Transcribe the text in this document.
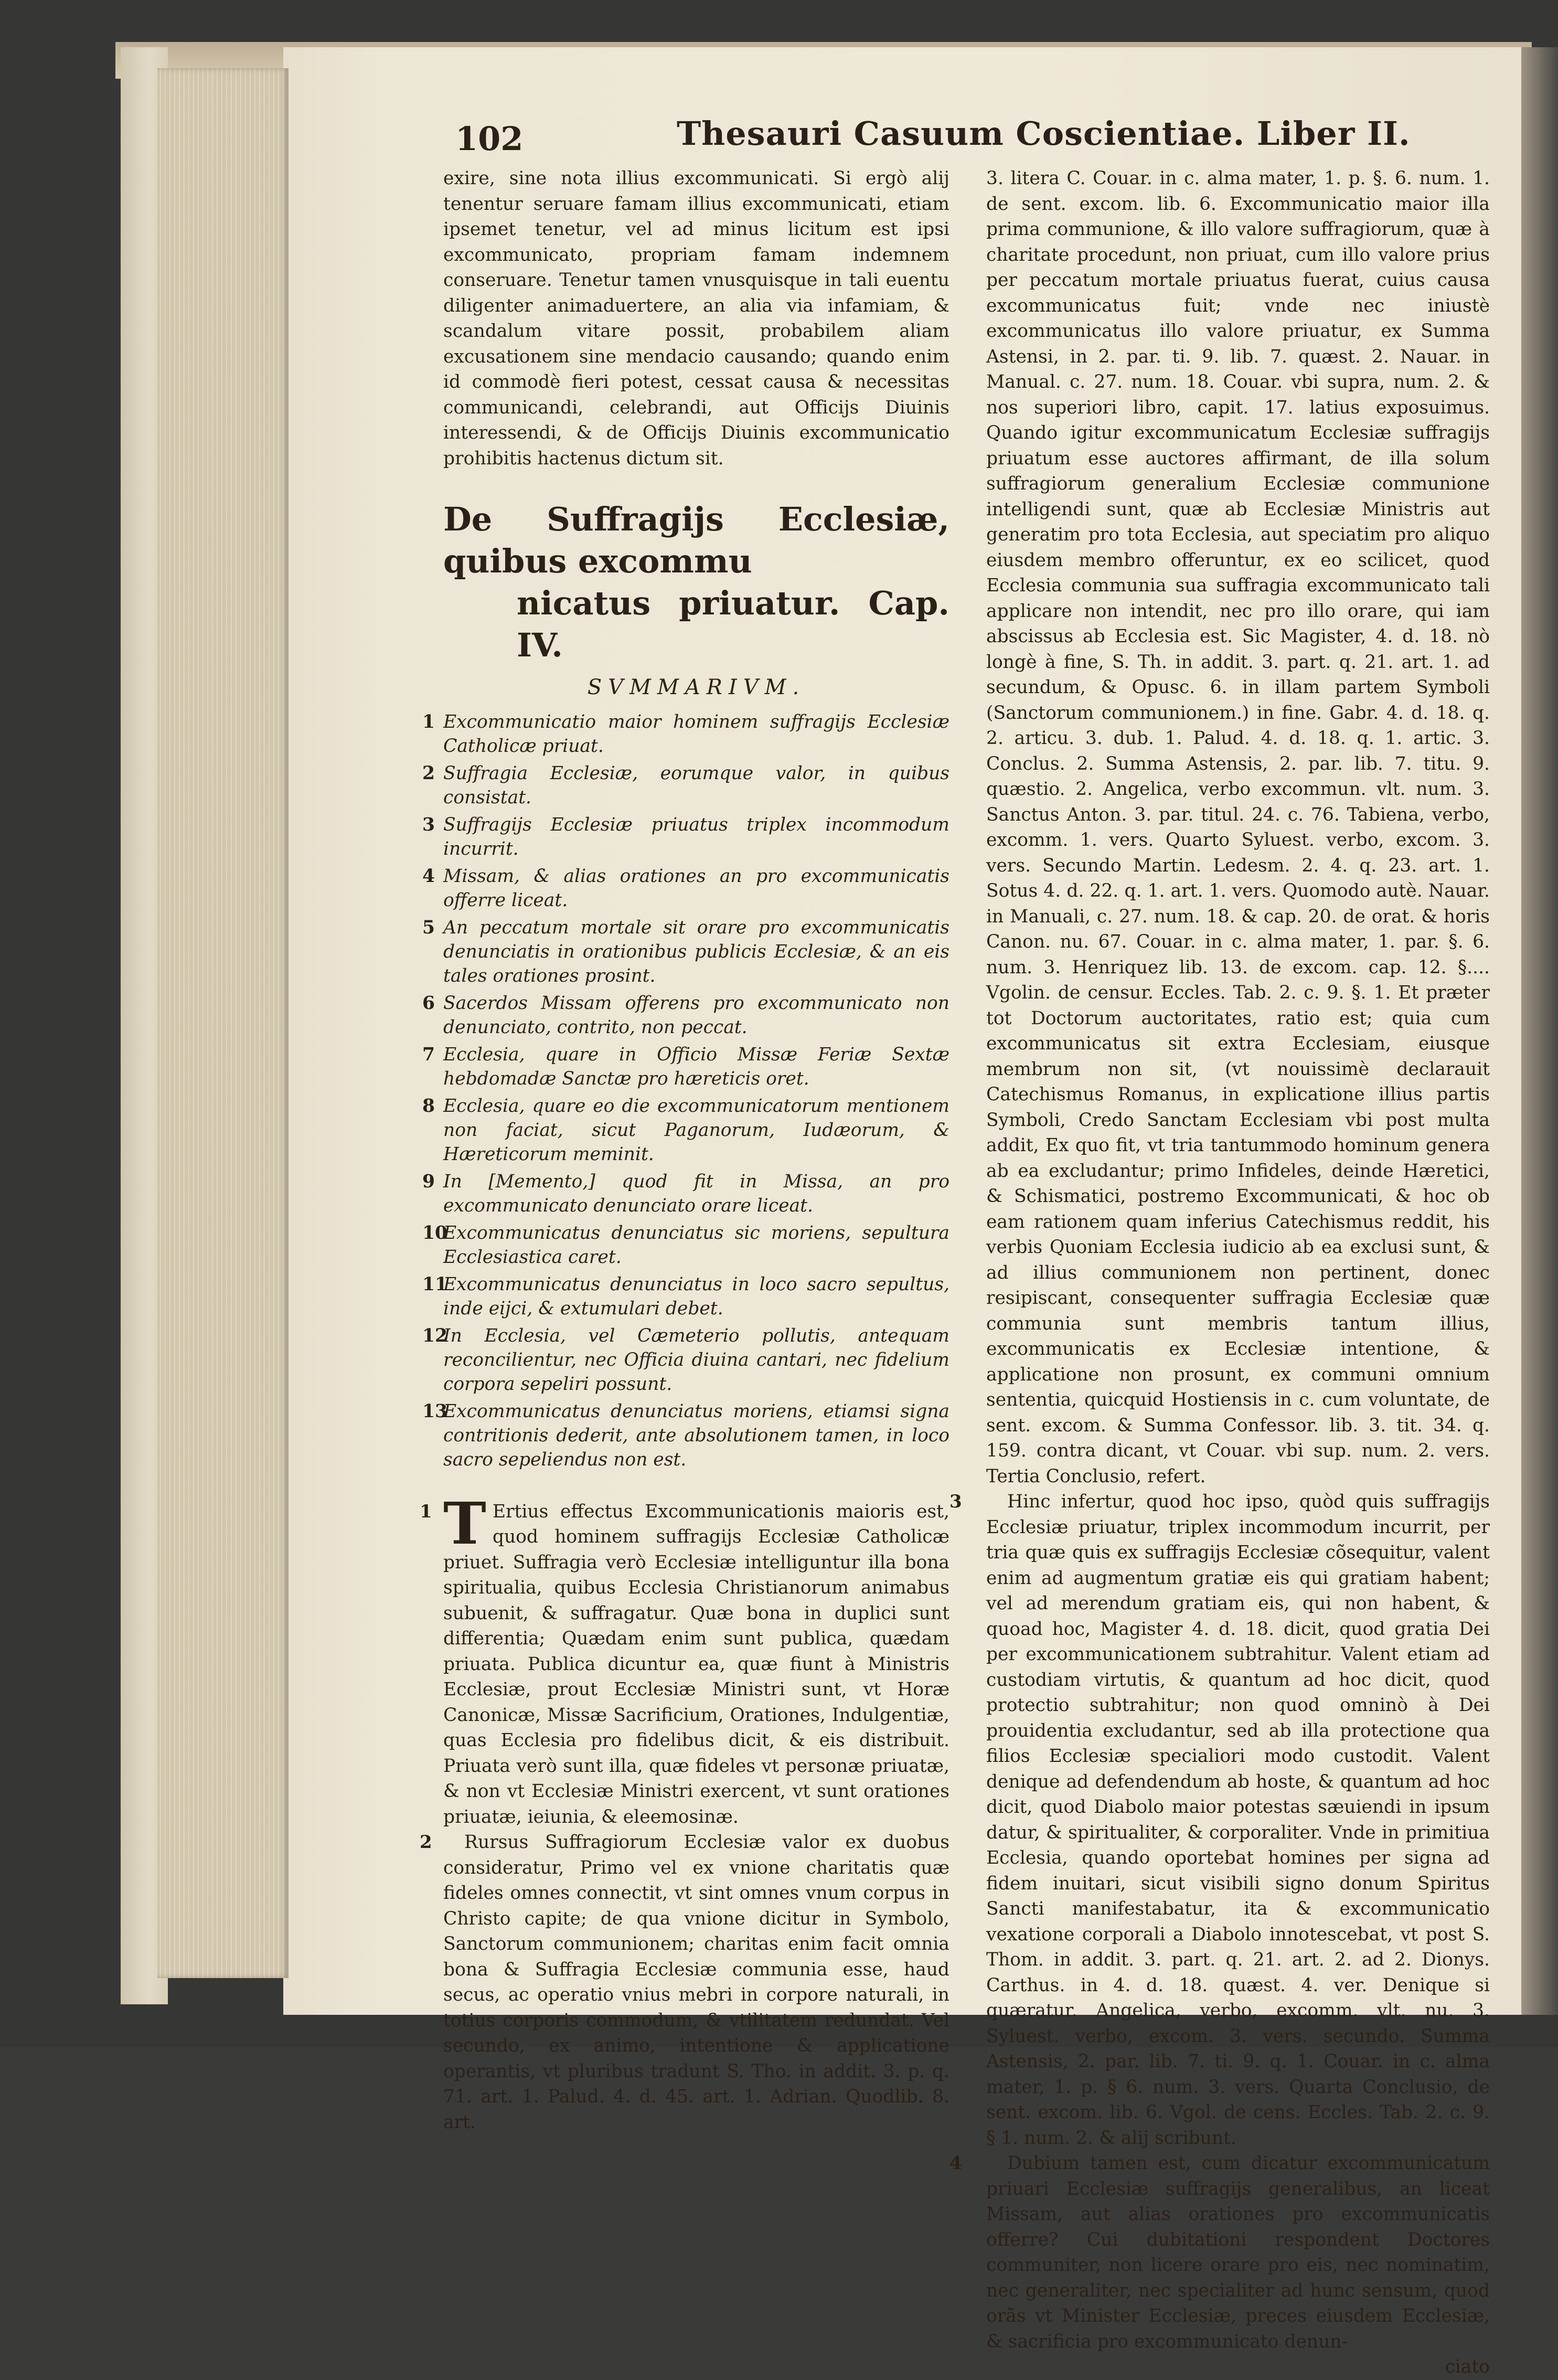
102	Thesauri Casuum Coscientiae. Liber II.

exire, sine nota illius excommunicati. Si ergò alij tenentur seruare famam illius excommunicati, etiam ipsemet tenetur, vel ad minus licitum est ipsi excommunicato, propriam famam indemnem conseruare. Tenetur tamen vnusquisque in tali euentu diligenter animaduertere, an alia via infamiam, & scandalum vitare possit, probabilem aliam excusationem sine mendacio causando; quando enim id commodè fieri potest, cessat causa & necessitas communicandi, celebrandi, aut Officijs Diuinis interessendi, & de Officijs Diuinis excommunicatio prohibitis hactenus dictum sit.

De Suffragijs Ecclesiæ, quibus excommu
nicatus priuatur. Cap. IV.
SVMMARIVM.
1 Excommunicatio maior hominem suffragijs Ecclesiæ Catholicæ priuat.
2 Suffragia Ecclesiæ, eorumque valor, in quibus consistat.
3 Suffragijs Ecclesiæ priuatus triplex incommodum incurrit.
4 Missam, & alias orationes an pro excommunicatis offerre liceat.
5 An peccatum mortale sit orare pro excommunicatis denunciatis in orationibus publicis Ecclesiæ, & an eis tales orationes prosint.
6 Sacerdos Missam offerens pro excommunicato non denunciato, contrito, non peccat.
7 Ecclesia, quare in Officio Missæ Feriæ Sextæ hebdomadæ Sanctæ pro hæreticis oret.
8 Ecclesia, quare eo die excommunicatorum mentionem non faciat, sicut Paganorum, Iudæorum, & Hæreticorum meminit.
9 In [Memento,] quod fit in Missa, an pro excommunicato denunciato orare liceat.
10
Excommunicatus denunciatus sic moriens, sepultura Ecclesiastica caret.
11
Excommunicatus denunciatus in loco sacro sepultus, inde eijci, & extumulari debet.
12
In Ecclesia, vel Cæmeterio pollutis, antequam reconcilientur, nec Officia diuina cantari, nec fidelium corpora sepeliri possunt.
13
Excommunicatus denunciatus moriens, etiamsi signa contritionis dederit, ante absolutionem tamen, in loco sacro sepeliendus non est.

1 T Ertius effectus Excommunicationis maioris est, quod hominem suffragijs Ecclesiæ Catholicæ priuet. Suffragia verò Ecclesiæ intelliguntur illa bona spiritualia, quibus Ecclesia Christianorum animabus subuenit, & suffragatur. Quæ bona in duplici sunt differentia; Quædam enim sunt publica, quædam priuata. Publica dicuntur ea, quæ fiunt à Ministris Ecclesiæ, prout Ecclesiæ Ministri sunt, vt Horæ Canonicæ, Missæ Sacrificium, Orationes, Indulgentiæ, quas Ecclesia pro fidelibus dicit, & eis distribuit. Priuata verò sunt illa, quæ fideles vt personæ priuatæ, & non vt Ecclesiæ Ministri exercent, vt sunt orationes priuatæ, ieiunia, & eleemosinæ.

2 Rursus Suffragiorum Ecclesiæ valor ex duobus consideratur, Primo vel ex vnione charitatis quæ fideles omnes connectit, vt sint omnes vnum corpus in Christo capite; de qua vnione dicitur in Symbolo, Sanctorum communionem; charitas enim facit omnia bona & Suffragia Ecclesiæ communia esse, haud secus, ac operatio vnius mebri in corpore naturali, in totius corporis commodum, & vtilitatem redundat. Vel secundo, ex animo, intentione & applicatione operantis, vt pluribus tradunt S. Tho. in addit. 3. p. q. 71. art. 1. Palud. 4. d. 45. art. 1. Adrian. Quodlib. 8. art.

3. litera C. Couar. in c. alma mater, 1. p. §. 6. num. 1. de sent. excom. lib. 6. Excommunicatio maior illa prima communione, & illo valore suffragiorum, quæ à charitate procedunt, non priuat, cum illo valore prius per peccatum mortale priuatus fuerat, cuius causa excommunicatus fuit; vnde nec iniustè excommunicatus illo valore priuatur, ex Summa Astensi, in 2. par. ti. 9. lib. 7. quæst. 2. Nauar. in Manual. c. 27. num. 18. Couar. vbi supra, num. 2. & nos superiori libro, capit. 17. latius exposuimus. Quando igitur excommunicatum Ecclesiæ suffragijs priuatum esse auctores affirmant, de illa solum suffragiorum generalium Ecclesiæ communione intelligendi sunt, quæ ab Ecclesiæ Ministris aut generatim pro tota Ecclesia, aut speciatim pro aliquo eiusdem membro offeruntur, ex eo scilicet, quod Ecclesia communia sua suffragia excommunicato tali applicare non intendit, nec pro illo orare, qui iam abscissus ab Ecclesia est. Sic Magister, 4. d. 18. nò longè à fine, S. Th. in addit. 3. part. q. 21. art. 1. ad secundum, & Opusc. 6. in illam partem Symboli (Sanctorum communionem.) in fine. Gabr. 4. d. 18. q. 2. articu. 3. dub. 1. Palud. 4. d. 18. q. 1. artic. 3. Conclus. 2. Summa Astensis, 2. par. lib. 7. titu. 9. quæstio. 2. Angelica, verbo excommun. vlt. num. 3. Sanctus Anton. 3. par. titul. 24. c. 76. Tabiena, verbo, excomm. 1. vers. Quarto Syluest. verbo, excom. 3. vers. Secundo Martin. Ledesm. 2. 4. q. 23. art. 1. Sotus 4. d. 22. q. 1. art. 1. vers. Quomodo autè. Nauar. in Manuali, c. 27. num. 18. & cap. 20. de orat. & horis Canon. nu. 67. Couar. in c. alma mater, 1. par. §. 6. num. 3. Henriquez lib. 13. de excom. cap. 12. §.... Vgolin. de censur. Eccles. Tab. 2. c. 9. §. 1. Et præter tot Doctorum auctoritates, ratio est; quia cum excommunicatus sit extra Ecclesiam, eiusque membrum non sit, (vt nouissimè declarauit Catechismus Romanus, in explicatione illius partis Symboli, Credo Sanctam Ecclesiam vbi post multa addit, Ex quo fit, vt tria tantummodo hominum genera ab ea excludantur; primo Infideles, deinde Hæretici, & Schismatici, postremo Excommunicati, & hoc ob eam rationem quam inferius Catechismus reddit, his verbis Quoniam Ecclesia iudicio ab ea exclusi sunt, & ad illius communionem non pertinent, donec resipiscant, consequenter suffragia Ecclesiæ quæ communia sunt membris tantum illius, excommunicatis ex Ecclesiæ intentione, & applicatione non prosunt, ex communi omnium sententia, quicquid Hostiensis in c. cum voluntate, de sent. excom. & Summa Confessor. lib. 3. tit. 34. q. 159. contra dicant, vt Couar. vbi sup. num. 2. vers. Tertia Conclusio, refert.

3	Hinc infertur, quod hoc ipso, quòd quis suffragijs Ecclesiæ priuatur, triplex incommodum incurrit, per tria quæ quis ex suffragijs Ecclesiæ cõsequitur, valent enim ad augmentum gratiæ eis qui gratiam habent; vel ad merendum gratiam eis, qui non habent, & quoad hoc, Magister 4. d. 18. dicit, quod gratia Dei per excommunicationem subtrahitur. Valent etiam ad custodiam virtutis, & quantum ad hoc dicit, quod protectio subtrahitur; non quod omninò à Dei prouidentia excludantur, sed ab illa protectione qua filios Ecclesiæ specialiori modo custodit. Valent denique ad defendendum ab hoste, & quantum ad hoc dicit, quod Diabolo maior potestas sæuiendi in ipsum datur, & spiritualiter, & corporaliter. Vnde in primitiua Ecclesia, quando oportebat homines per signa ad fidem inuitari, sicut visibili signo donum Spiritus Sancti manifestabatur, ita & excommunicatio vexatione corporali a Diabolo innotescebat, vt post S. Thom. in addit. 3. part. q. 21. art. 2. ad 2. Dionys. Carthus. in 4. d. 18. quæst. 4. ver. Denique si quæratur. Angelica, verbo, excomm. vlt. nu. 3. Syluest. verbo, excom. 3. vers. secundo. Summa Astensis, 2. par. lib. 7. ti. 9. q. 1. Couar. in c. alma mater, 1. p. § 6. num. 3. vers. Quarta Conclusio, de sent. excom. lib. 6. Vgol. de cens. Eccles. Tab. 2. c. 9. § 1. num. 2. & alij scribunt.

4	Dubium tamen est, cum dicatur excommunicatum priuari Ecclesiæ suffragijs generalibus, an liceat Missam, aut alias orationes pro excommunicatis offerre? Cui dubitationi respondent Doctores communiter, non licere orare pro eis, nec nominatim, nec generaliter, nec specialiter ad hunc sensum, quod orãs vt Minister Ecclesiæ, preces eiusdem Ecclesiæ, & sacrificia pro excommunicato denun-

ciato
